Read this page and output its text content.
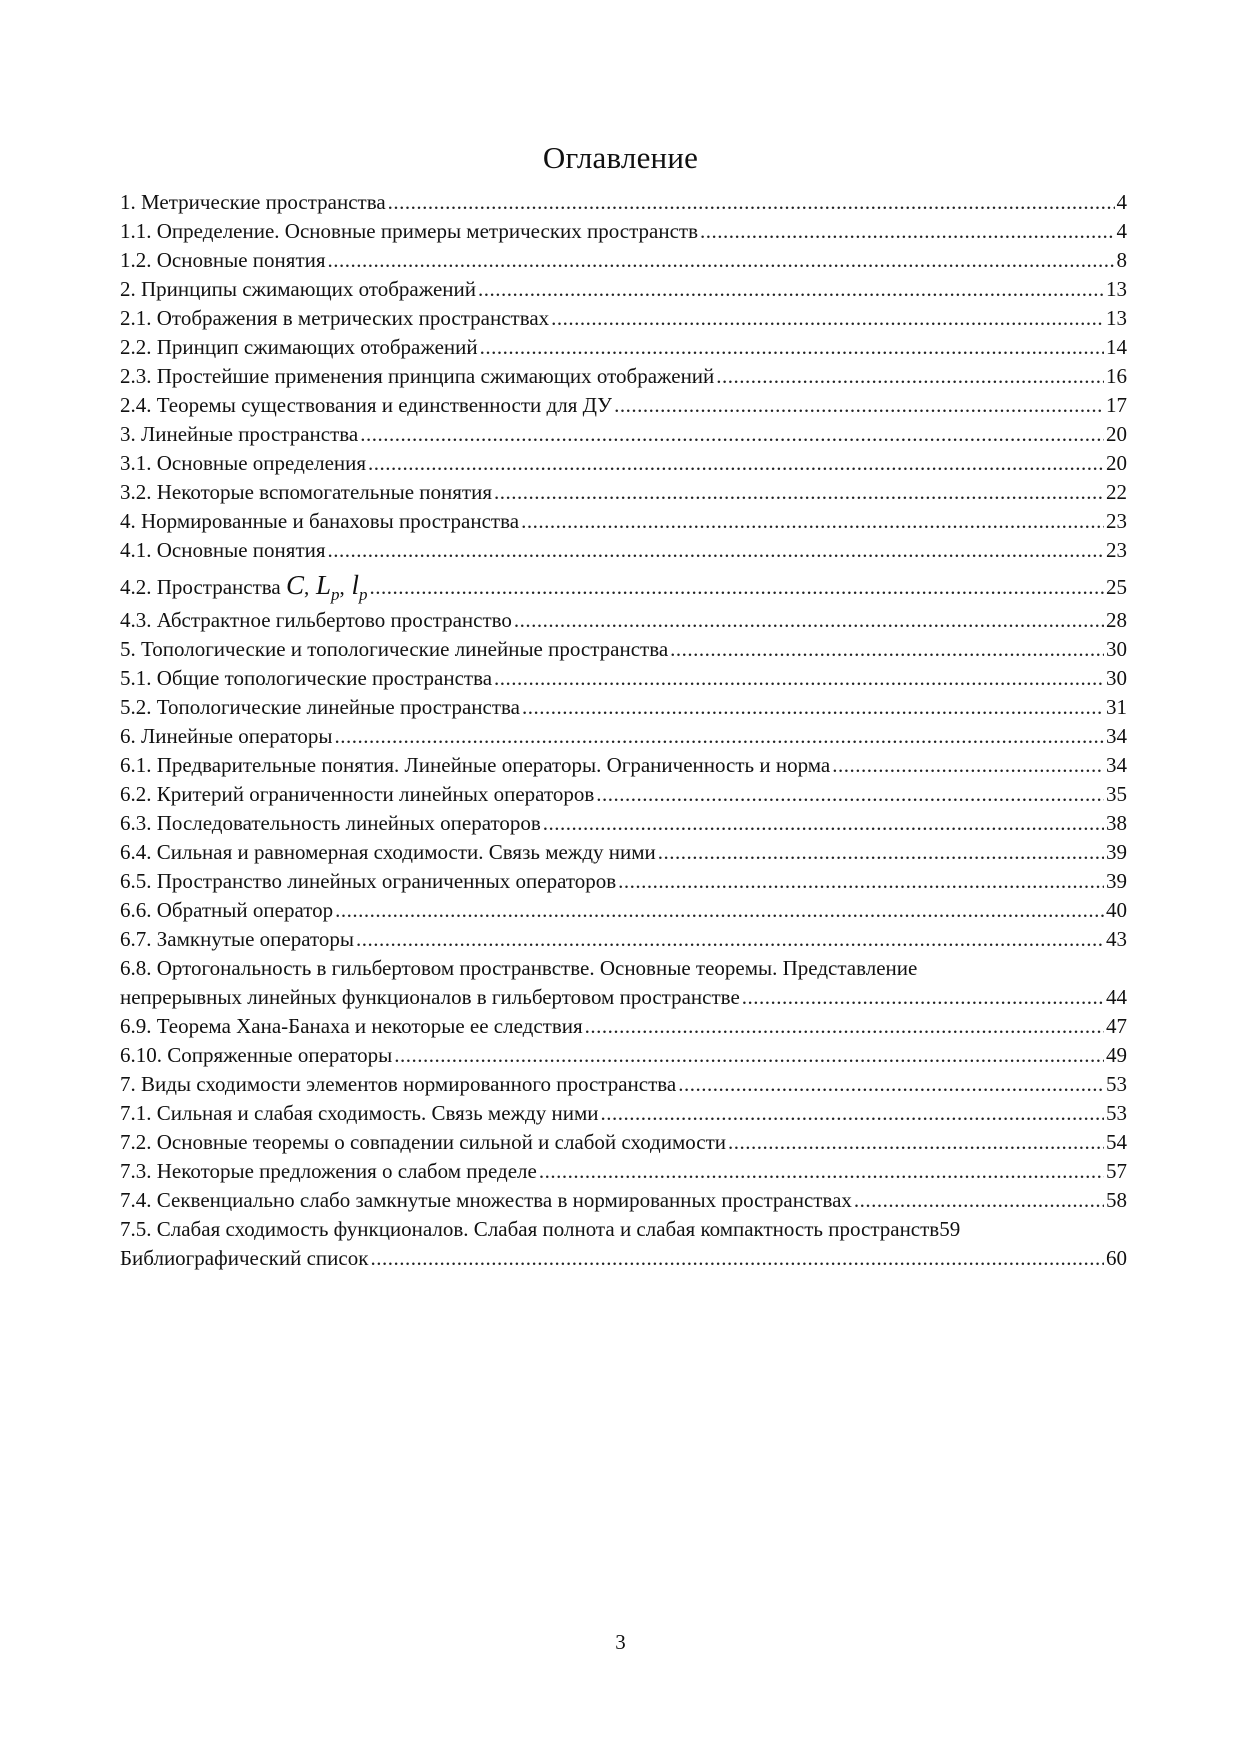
Оглавление
1. Метрические пространства .....	4
1.1. Определение. Основные примеры метрических пространств .....	4
1.2. Основные понятия .....	8
2. Принципы сжимающих отображений .....	13
2.1. Отображения в метрических пространствах .....	13
2.2. Принцип сжимающих отображений .....	14
2.3. Простейшие применения принципа сжимающих отображений .....	16
2.4. Теоремы существования и единственности для ДУ .....	17
3. Линейные пространства .....	20
3.1. Основные определения .....	20
3.2. Некоторые вспомогательные понятия .....	22
4. Нормированные и банаховы пространства .....	23
4.1. Основные понятия .....	23
4.2. Пространства C, $L_p$, $l_p$ .....	25
4.3. Абстрактное гильбертово пространство .....	28
5. Топологические и топологические линейные пространства .....	30
5.1. Общие топологические пространства .....	30
5.2. Топологические линейные пространства .....	31
6. Линейные операторы .....	34
6.1. Предварительные понятия. Линейные операторы. Ограниченность и норма .....	34
6.2. Критерий ограниченности линейных операторов .....	35
6.3. Последовательность линейных операторов .....	38
6.4. Сильная и равномерная сходимости. Связь между ними .....	39
6.5. Пространство линейных ограниченных операторов .....	39
6.6. Обратный оператор .....	40
6.7. Замкнутые операторы .....	43
6.8. Ортогональность в гильбертовом пространвстве. Основные теоремы. Представление
непрерывных линейных функционалов в гильбертовом пространстве .....	44
6.9. Теорема Хана-Банаха и некоторые ее следствия .....	47
6.10. Сопряженные операторы .....	49
7. Виды сходимости элементов нормированного пространства .....	53
7.1. Сильная и слабая сходимость. Связь между ними .....	53
7.2. Основные теоремы о совпадении сильной и слабой сходимости .....	54
7.3. Некоторые предложения о слабом пределе .....	57
7.4. Секвенциально слабо замкнутые множества в нормированных пространствах .....	58
7.5. Слабая сходимость функционалов. Слабая полнота и слабая компактность пространств 59
Библиографический список .....	60
3
